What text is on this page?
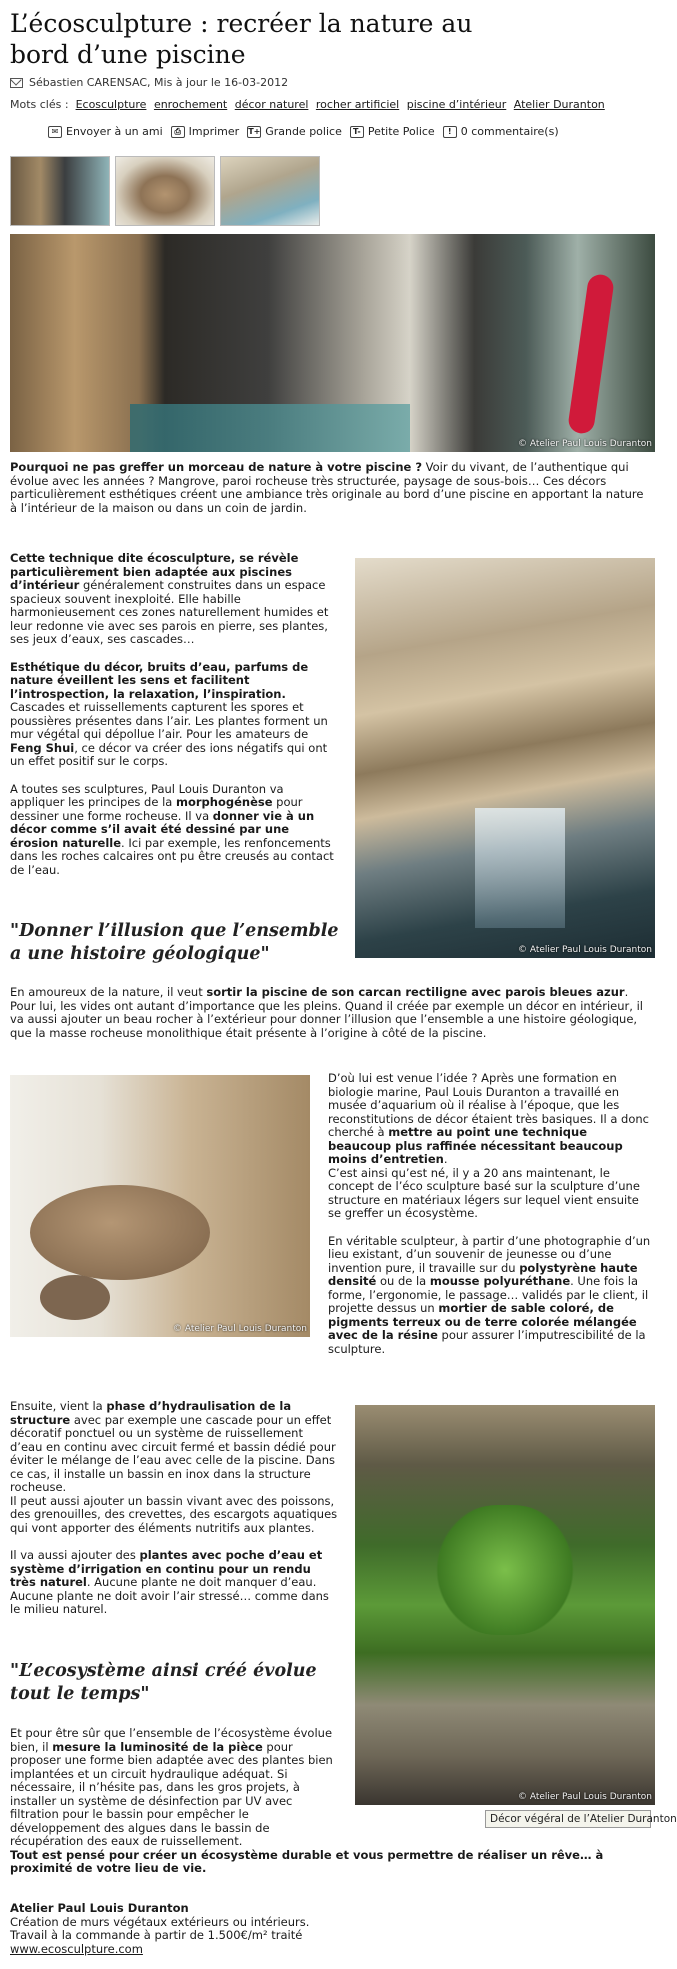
L’écosculpture : recréer la nature au bord d’une piscine
Sébastien CARENSAC, Mis à jour le 16-03-2012
Mots clés : Ecosculpture enrochement décor naturel rocher artificiel piscine d’intérieur Atelier Duranton
✉ Envoyer à un ami	⎙ Imprimer T+ Grande police	T- Petite Police	! 0 commentaire(s)
© Atelier Paul Louis Duranton
Pourquoi ne pas greffer un morceau de nature à votre piscine ? Voir du vivant, de l’authentique qui évolue avec les années ? Mangrove, paroi rocheuse très structurée, paysage de sous-bois… Ces décors particulièrement esthétiques créent une ambiance très originale au bord d’une piscine en apportant la nature à l’intérieur de la maison ou dans un coin de jardin.

Cette technique dite écosculpture, se révèle particulièrement bien adaptée aux piscines d’intérieur généralement construites dans un espace spacieux souvent inexploité. Elle habille harmonieusement ces zones naturellement humides et leur redonne vie avec ses parois en pierre, ses plantes, ses jeux d’eaux, ses cascades…

Esthétique du décor, bruits d’eau, parfums de nature éveillent les sens et facilitent l’introspection, la relaxation, l’inspiration. Cascades et ruissellements capturent les spores et poussières présentes dans l’air. Les plantes forment un mur végétal qui dépollue l’air. Pour les amateurs de Feng Shui, ce décor va créer des ions négatifs qui ont un effet positif sur le corps.

A toutes ses sculptures, Paul Louis Duranton va appliquer les principes de la morphogénèse pour dessiner une forme rocheuse. Il va donner vie à un décor comme s’il avait été dessiné par une érosion naturelle. Ici par exemple, les renfoncements dans les roches calcaires ont pu être creusés au contact de l’eau.

"Donner l’illusion que l’ensemble a une histoire géologique"	© Atelier Paul Louis Duranton
En amoureux de la nature, il veut sortir la piscine de son carcan rectiligne avec parois bleues azur. Pour lui, les vides ont autant d’importance que les pleins. Quand il créée par exemple un décor en intérieur, il va aussi ajouter un beau rocher à l’extérieur pour donner l’illusion que l’ensemble a une histoire géologique, que la masse rocheuse monolithique était présente à l’origine à côté de la piscine.
© Atelier Paul Louis Duranton

D’où lui est venue l’idée ? Après une formation en biologie marine, Paul Louis Duranton a travaillé en musée d’aquarium où il réalise à l’époque, que les reconstitutions de décor étaient très basiques. Il a donc cherché à mettre au point une technique beaucoup plus raffinée nécessitant beaucoup moins d’entretien.
C’est ainsi qu’est né, il y a 20 ans maintenant, le concept de l’éco sculpture basé sur la sculpture d’une structure en matériaux légers sur lequel vient ensuite se greffer un écosystème.

En véritable sculpteur, à partir d’une photographie d’un lieu existant, d’un souvenir de jeunesse ou d’une invention pure, il travaille sur du polystyrène haute densité ou de la mousse polyuréthane. Une fois la forme, l’ergonomie, le passage… validés par le client, il projette dessus un mortier de sable coloré, de pigments terreux ou de terre colorée mélangée avec de la résine pour assurer l’imputrescibilité de la sculpture.

Ensuite, vient la phase d’hydraulisation de la structure avec par exemple une cascade pour un effet décoratif ponctuel ou un système de ruissellement d’eau en continu avec circuit fermé et bassin dédié pour éviter le mélange de l’eau avec celle de la piscine. Dans ce cas, il installe un bassin en inox dans la structure rocheuse.
Il peut aussi ajouter un bassin vivant avec des poissons, des grenouilles, des crevettes, des escargots aquatiques qui vont apporter des éléments nutritifs aux plantes.

Il va aussi ajouter des plantes avec poche d’eau et système d’irrigation en continu pour un rendu très naturel. Aucune plante ne doit manquer d’eau. Aucune plante ne doit avoir l’air stressé… comme dans le milieu naturel.

"L’ecosystème ainsi créé évolue tout le temps"
Et pour être sûr que l’ensemble de l’écosystème évolue bien, il mesure la luminosité de la pièce pour proposer une forme bien adaptée avec des plantes bien implantées et un circuit hydraulique adéquat. Si nécessaire, il n’hésite pas, dans les gros projets, à installer un système de désinfection par UV avec filtration pour le bassin pour empêcher le développement des algues dans le bassin de récupération des eaux de ruissellement.
Tout est pensé pour créer un écosystème durable et vous permettre de réaliser un rêve… à proximité de votre lieu de vie.
© Atelier Paul Louis Duranton
Atelier Paul Louis Duranton
Création de murs végétaux extérieurs ou intérieurs.
Travail à la commande à partir de 1.500€/m² traité
www.ecosculpture.com
Décor végéral de l’Atelier Duranton
